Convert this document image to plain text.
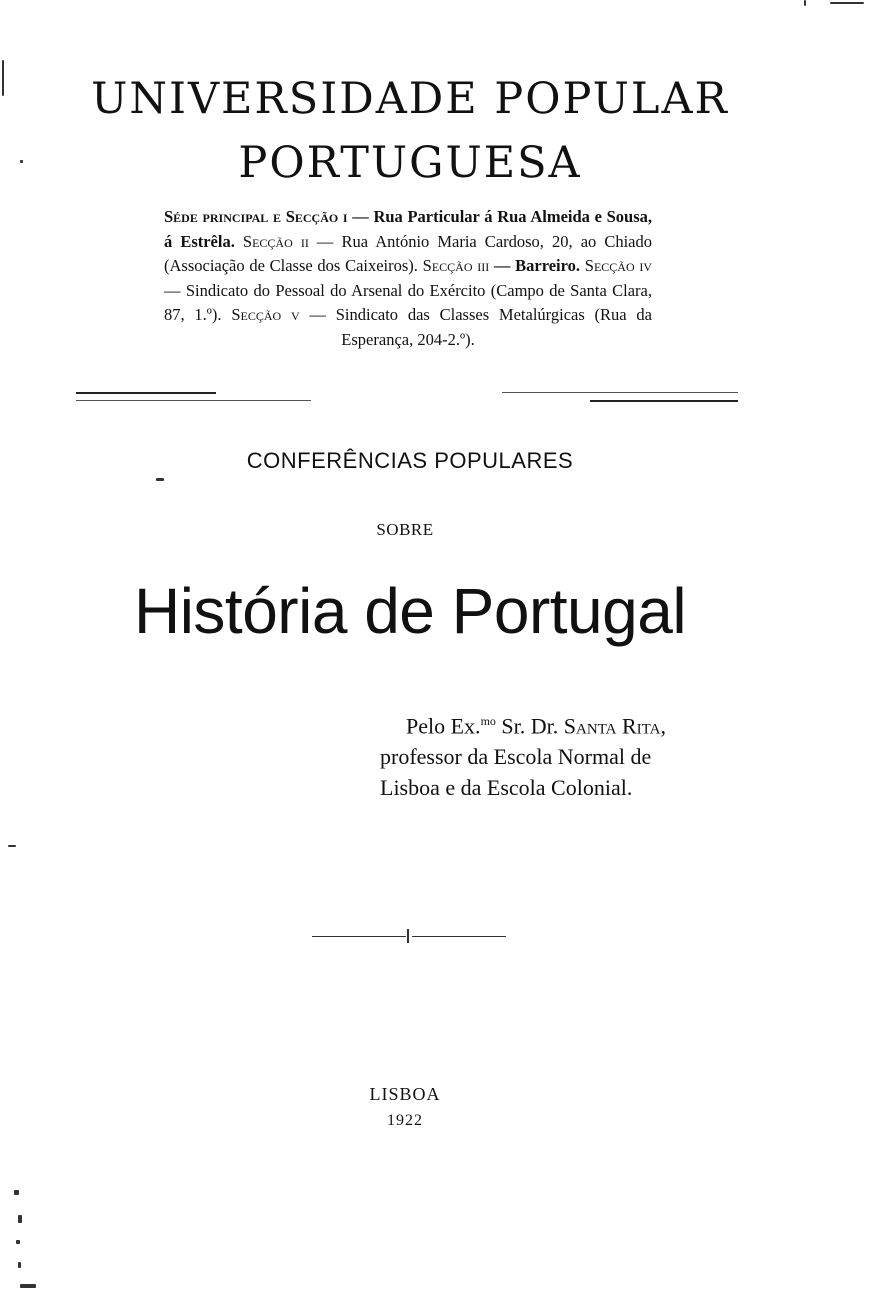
UNIVERSIDADE POPULAR
PORTUGUESA
Séde principal e Secção i — Rua Particular á Rua Almeida e Sousa, á Estrêla. Secção ii — Rua António Maria Cardoso, 20, ao Chiado (Associação de Classe dos Caixeiros). Secção iii — Barreiro. Secção iv — Sindicato do Pessoal do Arsenal do Exército (Campo de Santa Clara, 87, 1.º). Secção v — Sindicato das Classes Metalúrgicas (Rua da Esperança, 204-2.º).
CONFERÊNCIAS POPULARES
SOBRE
História de Portugal
Pelo Ex.$^{mo}$ Sr. Dr. Santa Rita,
professor da Escola Normal de
Lisboa e da Escola Colonial.
LISBOA
1922
